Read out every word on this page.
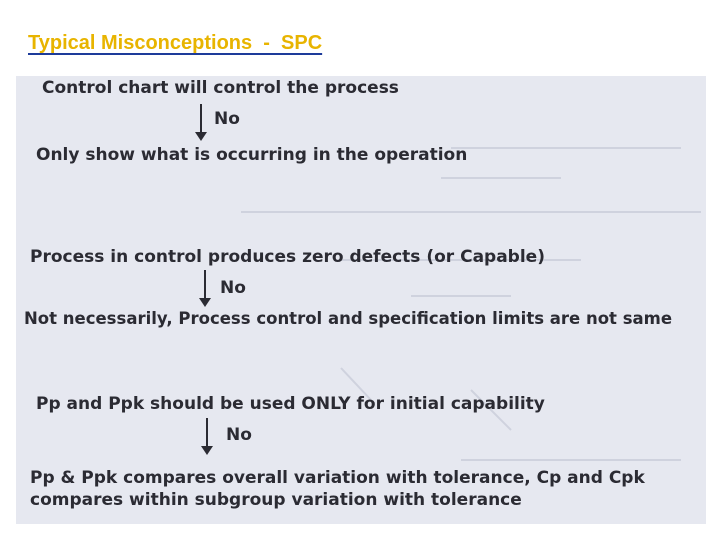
Typical Misconceptions  -  SPC

Control chart will control the process
No
Only show what is occurring in the operation
Process in control produces zero defects (or Capable)
No
Not necessarily, Process control and specification limits are not same
Pp and Ppk should be used ONLY for initial capability
No
Pp & Ppk compares overall variation with tolerance, Cp and Cpk
compares within subgroup variation with tolerance
